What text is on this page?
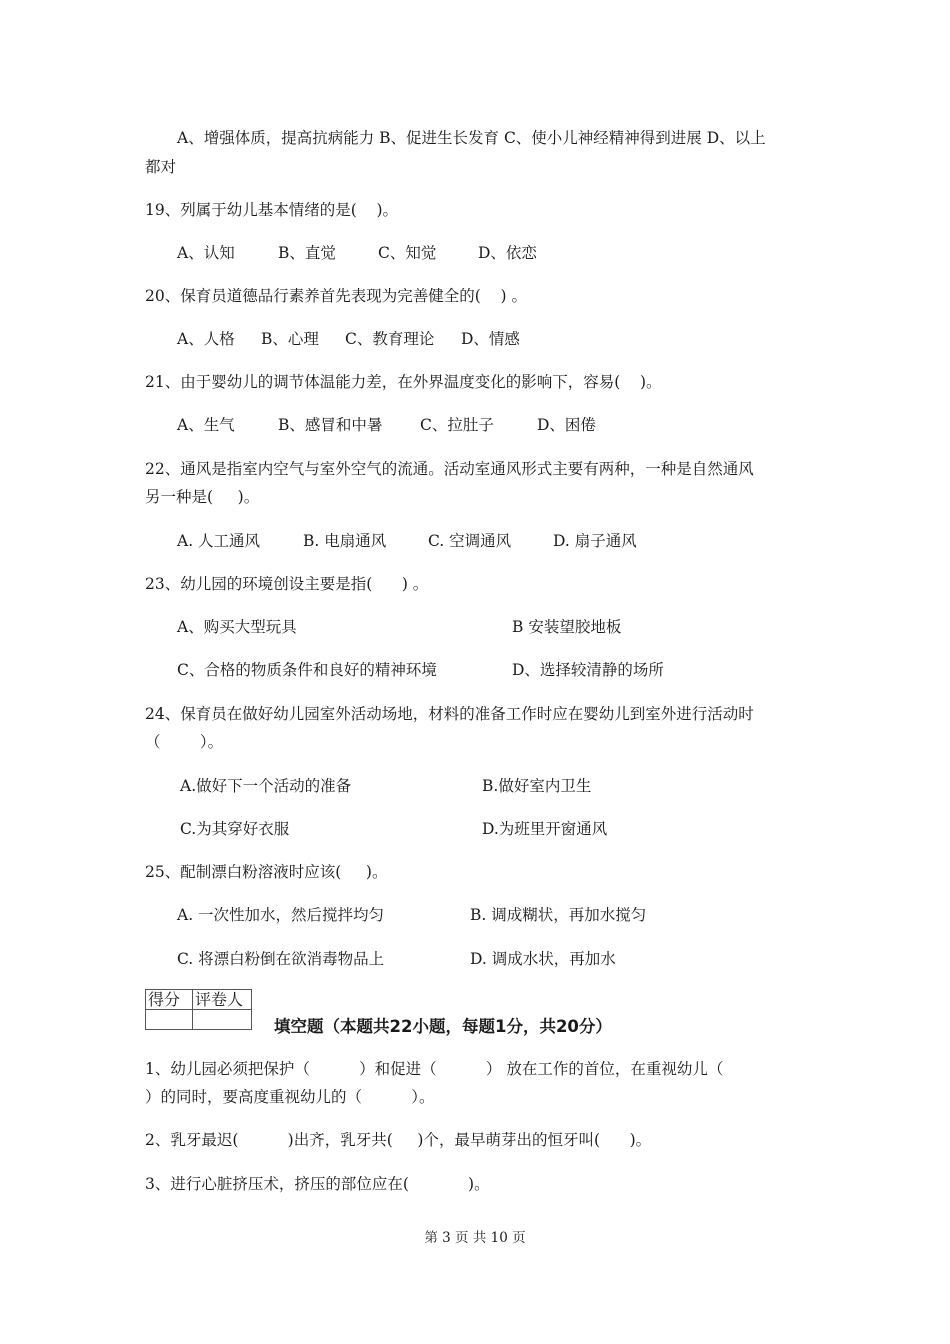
A、增强体质，提高抗病能力 B、促进生长发育 C、使小儿神经精神得到进展 D、以上
都对
19、列属于幼儿基本情绪的是(    )。
A、认知	B、直觉	C、知觉	D、依恋
20、保育员道德品行素养首先表现为完善健全的(    ) 。
A、人格 B、心理 C、教育理论 D、情感
21、由于婴幼儿的调节体温能力差，在外界温度变化的影响下，容易(    )。
A、生气	B、感冒和中暑 C、拉肚子	D、困倦
22、通风是指室内空气与室外空气的流通。活动室通风形式主要有两种，一种是自然通风
另一种是(     )。
A. 人工通风	B. 电扇通风	C. 空调通风	D. 扇子通风
23、幼儿园的环境创设主要是指(      ) 。
A、购买大型玩具	B 安装望胶地板
C、合格的物质条件和良好的精神环境	D、选择较清静的场所
24、保育员在做好幼儿园室外活动场地，材料的准备工作时应在婴幼儿到室外进行活动时
（        ）。
A.做好下一个活动的准备	B.做好室内卫生
C.为其穿好衣服	D.为班里开窗通风
25、配制漂白粉溶液时应该(     )。
A. 一次性加水，然后搅拌均匀	B. 调成糊状，再加水搅匀
C. 将漂白粉倒在欲消毒物品上	D. 调成水状，再加水
得分	评卷人

填空题（本题共22小题，每题1分，共20分）
1、幼儿园必须把保护（          ）和促进（          ） 放在工作的首位，在重视幼儿（
）的同时，要高度重视幼儿的（          ）。
2、乳牙最迟(          )出齐，乳牙共(     )个，最早萌芽出的恒牙叫(      )。
3、进行心脏挤压术，挤压的部位应在(            )。
第 3 页 共 10 页
